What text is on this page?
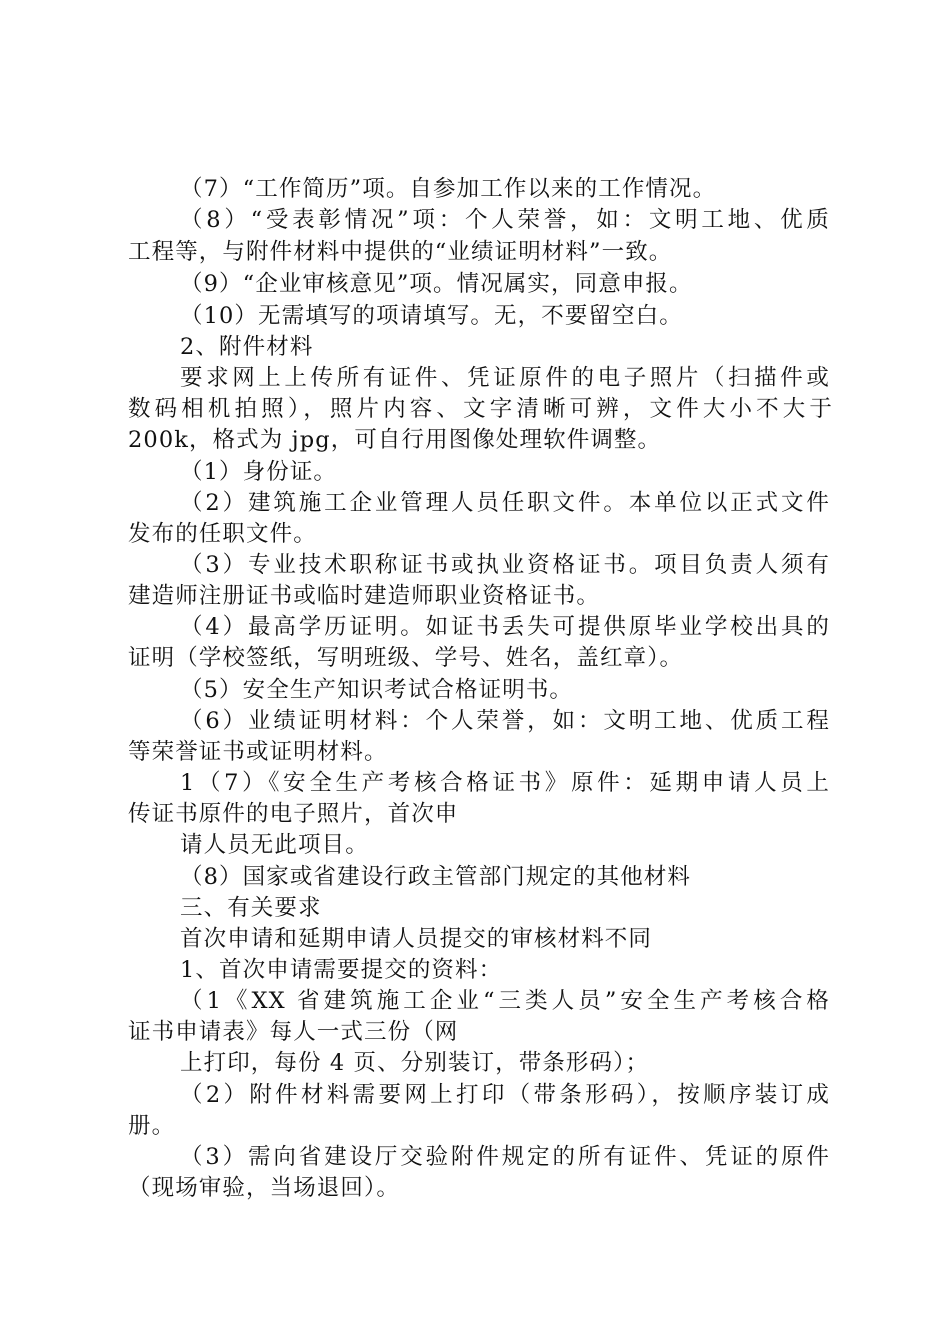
（7）“工作简历”项。自参加工作以来的工作情况。
（8）“受表彰情况”项：个人荣誉，如：文明工地、优质
工程等，与附件材料中提供的“业绩证明材料”一致。
（9）“企业审核意见”项。情况属实，同意申报。
（10）无需填写的项请填写。无，不要留空白。
2、附件材料
要求网上上传所有证件、凭证原件的电子照片（扫描件或
数码相机拍照），照片内容、文字清晰可辨，文件大小不大于
200k，格式为 jpg，可自行用图像处理软件调整。
（1）身份证。
（2）建筑施工企业管理人员任职文件。本单位以正式文件
发布的任职文件。
（3）专业技术职称证书或执业资格证书。项目负责人须有
建造师注册证书或临时建造师职业资格证书。
（4）最高学历证明。如证书丢失可提供原毕业学校出具的
证明（学校签纸，写明班级、学号、姓名，盖红章）。
（5）安全生产知识考试合格证明书。
（6）业绩证明材料：个人荣誉，如：文明工地、优质工程
等荣誉证书或证明材料。
1（7）《安全生产考核合格证书》原件：延期申请人员上
传证书原件的电子照片，首次申
请人员无此项目。
（8）国家或省建设行政主管部门规定的其他材料
三、有关要求
首次申请和延期申请人员提交的审核材料不同
1、首次申请需要提交的资料：
（1《XX 省建筑施工企业“三类人员”安全生产考核合格
证书申请表》每人一式三份（网
上打印，每份 4 页、分别装订，带条形码）；
（2）附件材料需要网上打印（带条形码），按顺序装订成
册。
（3）需向省建设厅交验附件规定的所有证件、凭证的原件
（现场审验，当场退回）。
